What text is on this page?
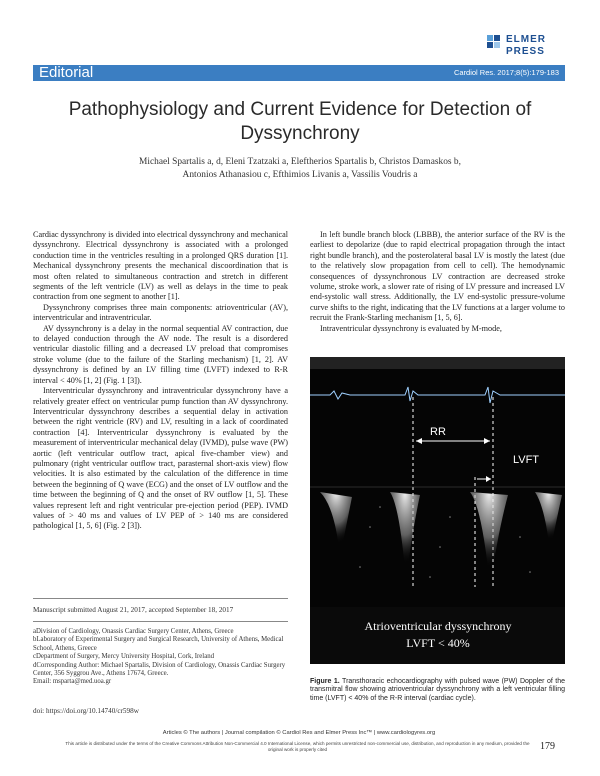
ELMER
PRESS
Editorial	Cardiol Res. 2017;8(5):179-183
Pathophysiology and Current Evidence for Detection of Dyssynchrony
Michael Spartalis a, d, Eleni Tzatzaki a, Eleftherios Spartalis b, Christos Damaskos b,
Antonios Athanasiou c, Efthimios Livanis a, Vassilis Voudris a

Cardiac dyssynchrony is divided into electrical dyssynchrony and mechanical dyssynchrony. Electrical dyssynchrony is associated with a prolonged conduction time in the ventricles resulting in a prolonged QRS duration [1]. Mechanical dyssynchrony presents the mechanical discoordination that is most often related to simultaneous contraction and stretch in different segments of the left ventricle (LV) as well as delays in the time to peak contraction from one segment to another [1].

Dyssynchrony comprises three main components: atrioventricular (AV), interventricular and intraventricular.

AV dyssynchrony is a delay in the normal sequential AV contraction, due to delayed conduction through the AV node. The result is a disordered ventricular diastolic filling and a decreased LV preload that compromises stroke volume (due to the failure of the Starling mechanism) [1, 2]. AV dyssynchrony is defined by an LV filling time (LVFT) indexed to R-R interval < 40% [1, 2] (Fig. 1 [3]).

Interventricular dyssynchrony and intraventricular dyssynchrony have a relatively greater effect on ventricular pump function than AV dyssynchrony. Interventricular dyssynchrony describes a sequential delay in activation between the right ventricle (RV) and LV, resulting in a lack of coordinated contraction [4]. Interventricular dyssynchrony is evaluated by the measurement of interventricular mechanical delay (IVMD), pulse wave (PW) aortic (left ventricular outflow tract, apical five-chamber view) and pulmonary (right ventricular outflow tract, parasternal short-axis view) flow velocities. It is also estimated by the calculation of the difference in time between the beginning of Q wave (ECG) and the onset of LV outflow and the time between the beginning of Q and the onset of RV outflow [1, 5]. These values represent left and right ventricular pre-ejection period (PEP). IVMD values of > 40 ms and values of LV PEP of > 140 ms are considered pathological [1, 5, 6] (Fig. 2 [3]).

Manuscript submitted August 21, 2017, accepted September 18, 2017
aDivision of Cardiology, Onassis Cardiac Surgery Center, Athens, Greece
bLaboratory of Experimental Surgery and Surgical Research, University of Athens, Medical School, Athens, Greece
cDepartment of Surgery, Mercy University Hospital, Cork, Ireland
dCorresponding Author: Michael Spartalis, Division of Cardiology, Onassis Cardiac Surgery Center, 356 Syggrou Ave., Athens 17674, Greece.
Email: msparta@med.uoa.gr
doi: https://doi.org/10.14740/cr598w

In left bundle branch block (LBBB), the anterior surface of the RV is the earliest to depolarize (due to rapid electrical propagation through the intact right bundle branch), and the posterolateral basal LV is mostly the latest (due to the relatively slow propagation from cell to cell). The hemodynamic consequences of dyssynchronous LV contraction are decreased stroke volume, stroke work, a slower rate of rising of LV pressure and increased LV end-systolic wall stress. Additionally, the LV end-systolic pressure-volume curve shifts to the right, indicating that the LV functions at a larger volume to recruit the Frank-Starling mechanism [1, 5, 6].

Intraventricular dyssynchrony is evaluated by M-mode,

RR
LVFT
Atrioventricular dyssynchrony
LVFT < 40%
Figure 1. Transthoracic echocardiography with pulsed wave (PW) Doppler of the transmitral flow showing atrioventricular dyssynchrony with a left ventricular filling time (LVFT) < 40% of the R-R interval (cardiac cycle).
Articles © The authors | Journal compilation © Cardiol Res and Elmer Press Inc™ | www.cardiologyres.org
This article is distributed under the terms of the Creative Commons Attribution Non-Commercial 4.0 International License, which permits unrestricted non-commercial use, distribution, and reproduction in any medium, provided the original work is properly cited	179
